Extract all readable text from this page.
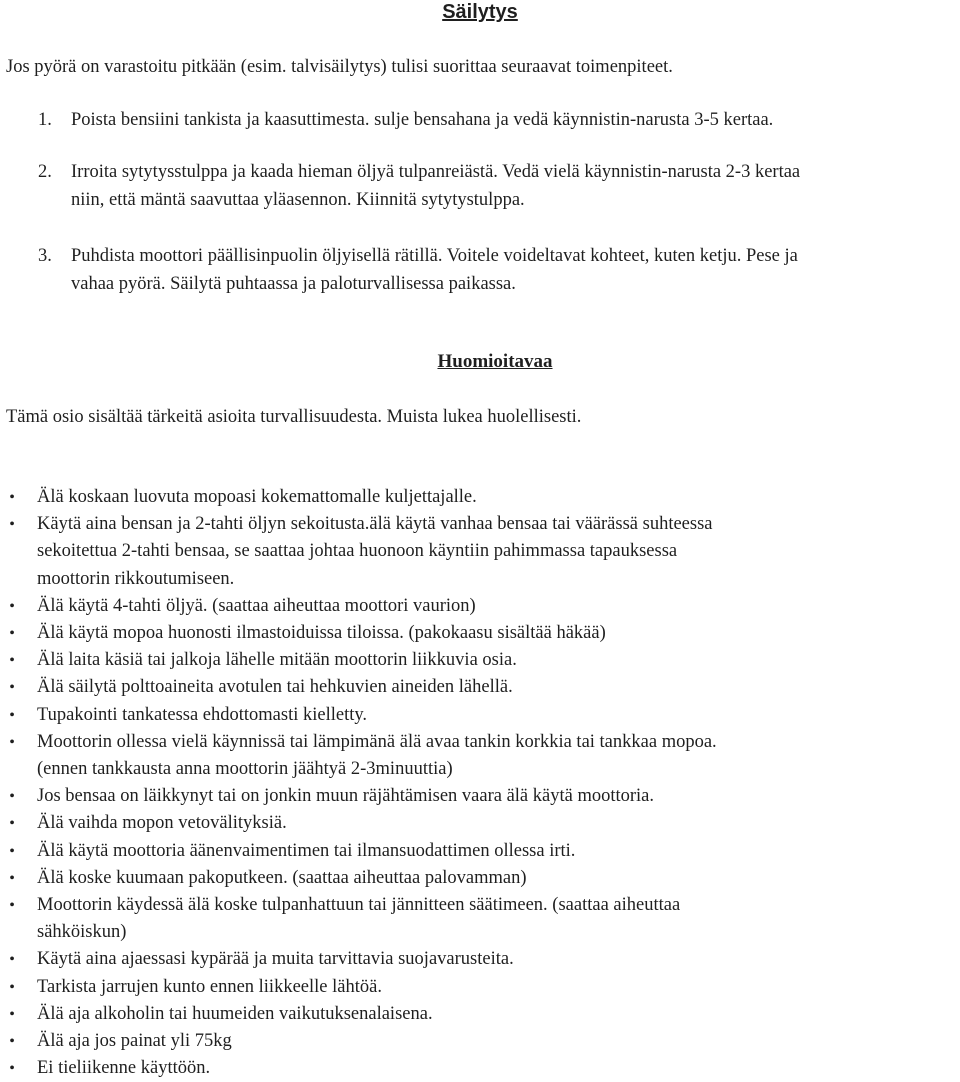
Säilytys
Jos pyörä on varastoitu pitkään (esim. talvisäilytys) tulisi suorittaa seuraavat toimenpiteet.
1. Poista bensiini tankista ja kaasuttimesta. sulje bensahana ja vedä käynnistin-narusta 3-5 kertaa.
2. Irroita sytytysstulppa ja kaada hieman öljyä tulpanreiästä. Vedä vielä käynnistin-narusta 2-3 kertaa
niin, että mäntä saavuttaa yläasennon. Kiinnitä sytytystulppa.
3. Puhdista moottori päällisinpuolin öljyisellä rätillä. Voitele voideltavat kohteet, kuten ketju. Pese ja
vahaa pyörä. Säilytä puhtaassa ja paloturvallisessa paikassa.
Huomioitavaa
Tämä osio sisältää tärkeitä asioita turvallisuudesta. Muista lukea huolellisesti.
• Älä koskaan luovuta mopoasi kokemattomalle kuljettajalle.
• Käytä aina bensan ja 2-tahti öljyn sekoitusta.älä käytä vanhaa bensaa tai väärässä suhteessa
sekoitettua 2-tahti bensaa, se saattaa johtaa huonoon käyntiin pahimmassa tapauksessa
moottorin rikkoutumiseen.
• Älä käytä 4-tahti öljyä. (saattaa aiheuttaa moottori vaurion)
• Älä käytä mopoa huonosti ilmastoiduissa tiloissa. (pakokaasu sisältää häkää)
• Älä laita käsiä tai jalkoja lähelle mitään moottorin liikkuvia osia.
• Älä säilytä polttoaineita avotulen tai hehkuvien aineiden lähellä.
• Tupakointi tankatessa ehdottomasti kielletty.
• Moottorin ollessa vielä käynnissä tai lämpimänä älä avaa tankin korkkia tai tankkaa mopoa.
(ennen tankkausta anna moottorin jäähtyä 2-3minuuttia)
• Jos bensaa on läikkynyt tai on jonkin muun räjähtämisen vaara älä käytä moottoria.
• Älä vaihda mopon vetovälityksiä.
• Älä käytä moottoria äänenvaimentimen tai ilmansuodattimen ollessa irti.
• Älä koske kuumaan pakoputkeen. (saattaa aiheuttaa palovamman)
• Moottorin käydessä älä koske tulpanhattuun tai jännitteen säätimeen. (saattaa aiheuttaa
sähköiskun)
• Käytä aina ajaessasi kypärää ja muita tarvittavia suojavarusteita.
• Tarkista jarrujen kunto ennen liikkeelle lähtöä.
• Älä aja alkoholin tai huumeiden vaikutuksenalaisena.
• Älä aja jos painat yli 75kg
• Ei tieliikenne käyttöön.
